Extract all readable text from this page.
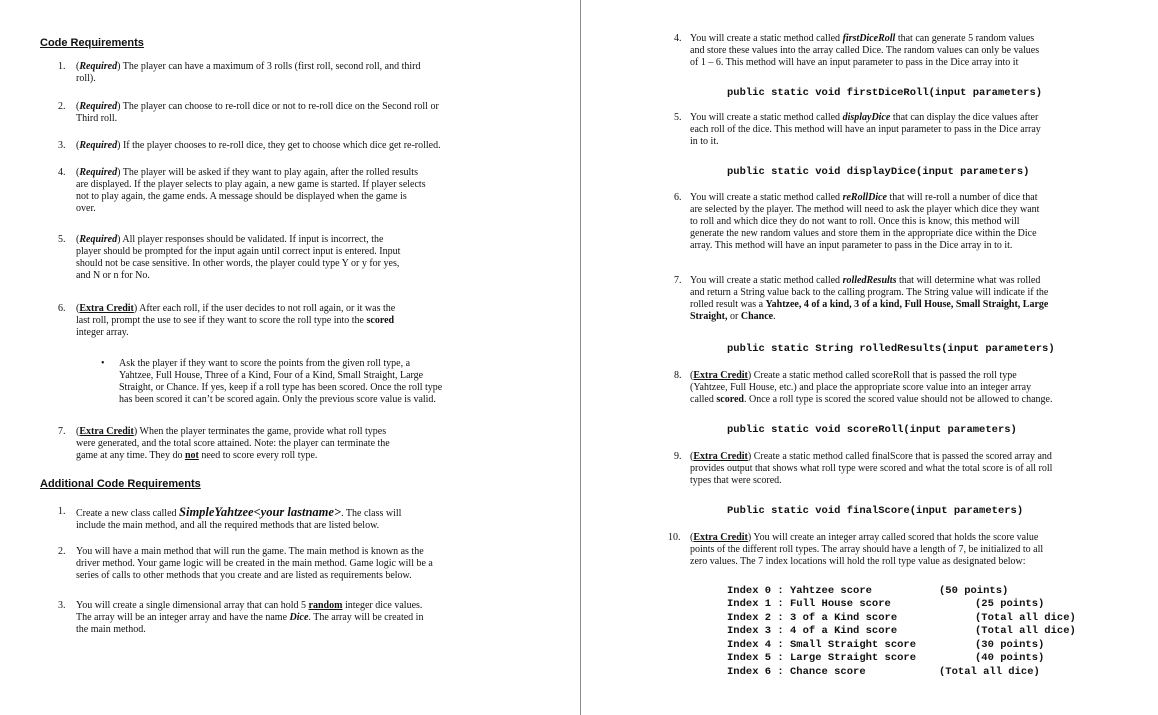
Code Requirements
1. (Required) The player can have a maximum of 3 rolls (first roll, second roll, and third
roll).
2. (Required) The player can choose to re-roll dice or not to re-roll dice on the Second roll or
Third roll.
3. (Required) If the player chooses to re-roll dice, they get to choose which dice get re-rolled.
4. (Required) The player will be asked if they want to play again, after the rolled results
are displayed. If the player selects to play again, a new game is started. If player selects
not to play again, the game ends. A message should be displayed when the game is
over.
5. (Required) All player responses should be validated. If input is incorrect, the
player should be prompted for the input again until correct input is entered. Input
should not be case sensitive. In other words, the player could type Y or y for yes,
and N or n for No.
6. (Extra Credit) After each roll, if the user decides to not roll again, or it was the
last roll, prompt the use to see if they want to score the roll type into the scored
integer array.
• Ask the player if they want to score the points from the given roll type, a
Yahtzee, Full House, Three of a Kind, Four of a Kind, Small Straight, Large
Straight, or Chance. If yes, keep if a roll type has been scored. Once the roll type
has been scored it can’t be scored again. Only the previous score value is valid.
7. (Extra Credit) When the player terminates the game, provide what roll types
were generated, and the total score attained. Note: the player can terminate the
game at any time. They do not need to score every roll type.
Additional Code Requirements
1. Create a new class called SimpleYahtzee<your lastname>. The class will
include the main method, and all the required methods that are listed below.
2. You will have a main method that will run the game. The main method is known as the
driver method. Your game logic will be created in the main method. Game logic will be a
series of calls to other methods that you create and are listed as requirements below.
3. You will create a single dimensional array that can hold 5 random integer dice values.
The array will be an integer array and have the name Dice. The array will be created in
the main method.
4. You will create a static method called firstDiceRoll that can generate 5 random values
and store these values into the array called Dice. The random values can only be values
of 1 – 6. This method will have an input parameter to pass in the Dice array into it
public static void firstDiceRoll(input parameters)
5. You will create a static method called displayDice that can display the dice values after
each roll of the dice. This method will have an input parameter to pass in the Dice array
in to it.
public static void displayDice(input parameters)
6. You will create a static method called reRollDice that will re-roll a number of dice that
are selected by the player. The method will need to ask the player which dice they want
to roll and which dice they do not want to roll. Once this is know, this method will
generate the new random values and store them in the appropriate dice within the Dice
array. This method will have an input parameter to pass in the Dice array in to it.
7. You will create a static method called rolledResults that will determine what was rolled
and return a String value back to the calling program. The String value will indicate if the
rolled result was a Yahtzee, 4 of a kind, 3 of a kind, Full House, Small Straight, Large
Straight, or Chance.
public static String rolledResults(input parameters)
8. (Extra Credit) Create a static method called scoreRoll that is passed the roll type
(Yahtzee, Full House, etc.) and place the appropriate score value into an integer array
called scored. Once a roll type is scored the scored value should not be allowed to change.
public static void scoreRoll(input parameters)
9. (Extra Credit) Create a static method called finalScore that is passed the scored array and
provides output that shows what roll type were scored and what the total score is of all roll
types that were scored.
Public static void finalScore(input parameters)
10. (Extra Credit) You will create an integer array called scored that holds the score value
points of the different roll types. The array should have a length of 7, be initialized to all
zero values. The 7 index locations will hold the roll type value as designated below:
Index 0 : Yahtzee score	(50 points)
Index 1 : Full House score	(25 points)
Index 2 : 3 of a Kind score	(Total all dice)
Index 3 : 4 of a Kind score	(Total all dice)
Index 4 : Small Straight score	(30 points)
Index 5 : Large Straight score	(40 points)
Index 6 : Chance score	(Total all dice)
